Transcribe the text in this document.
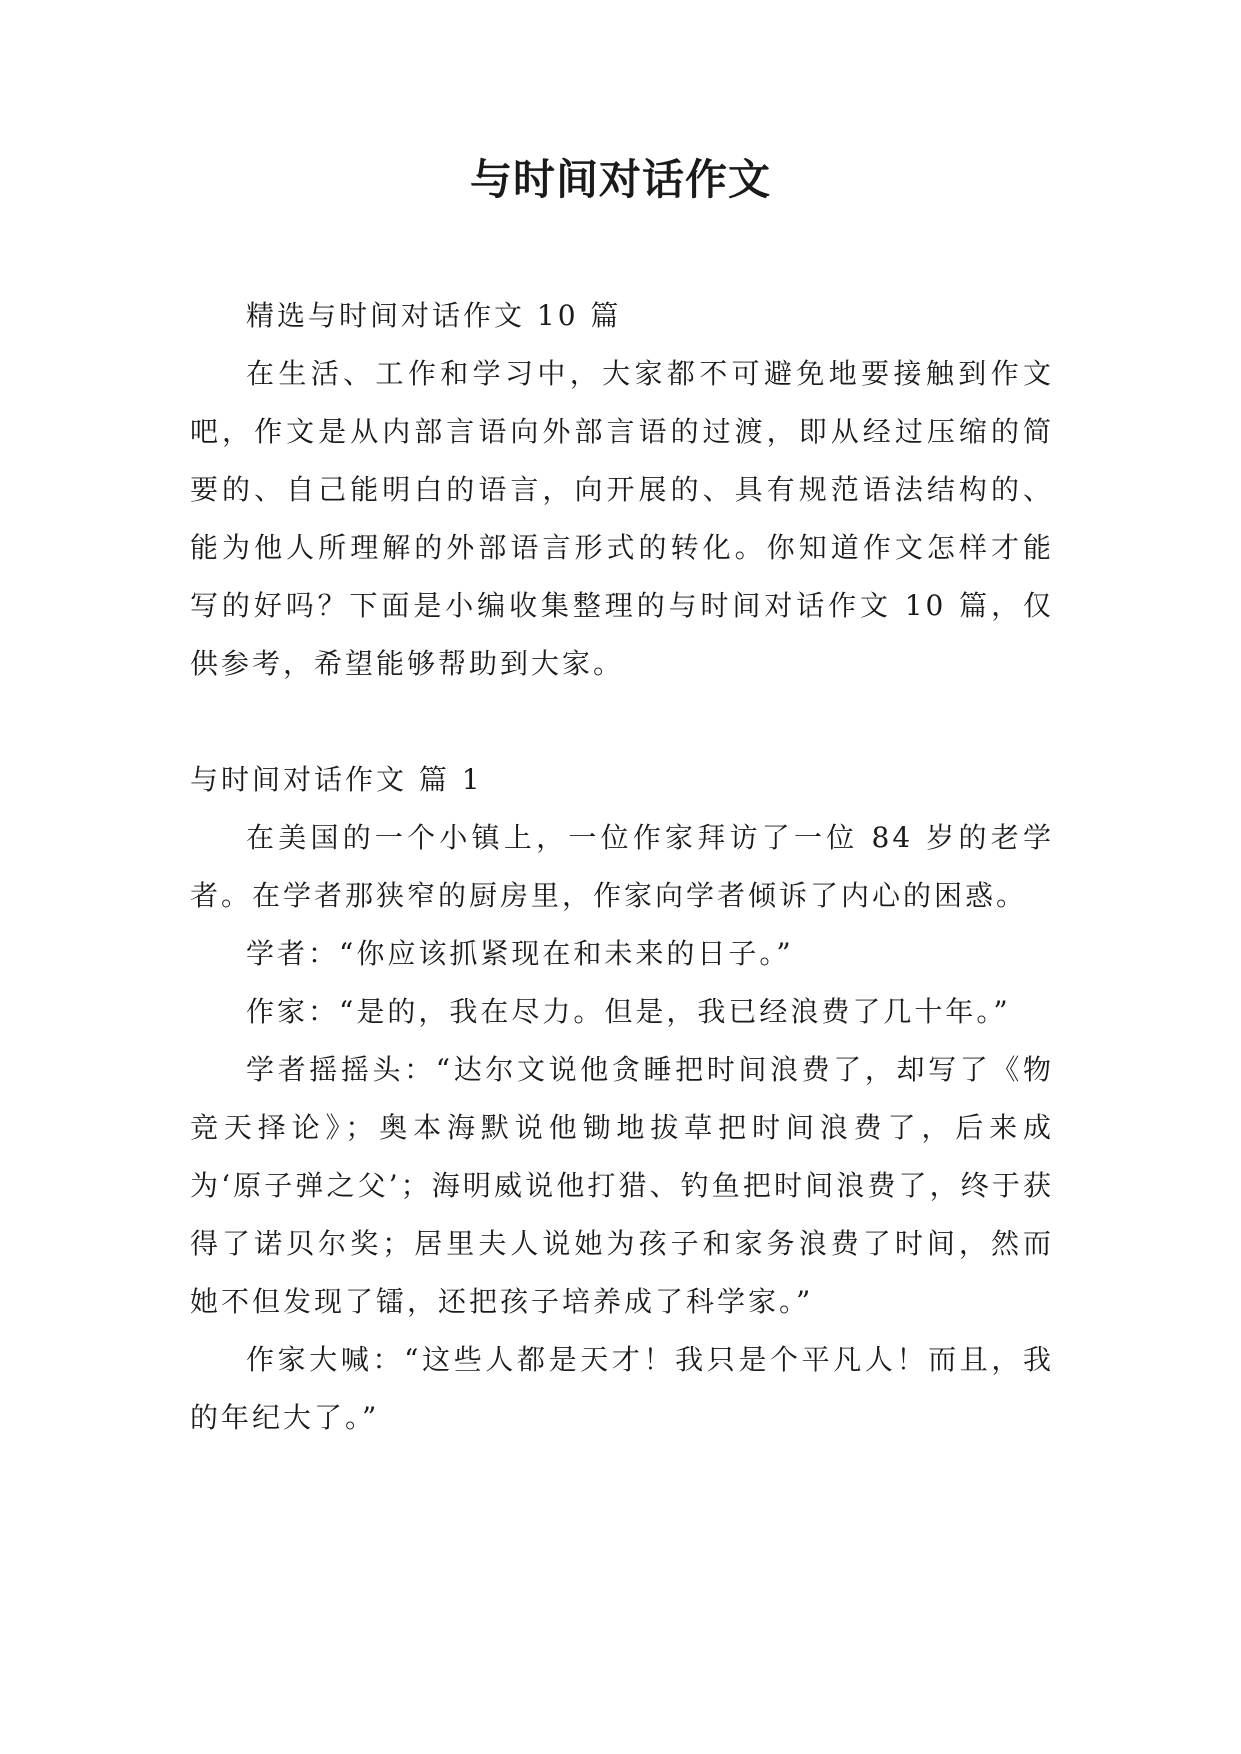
与时间对话作文

精选与时间对话作文 10 篇

在生活、工作和学习中，大家都不可避免地要接触到作文吧，作文是从内部言语向外部言语的过渡，即从经过压缩的简要的、自己能明白的语言，向开展的、具有规范语法结构的、能为他人所理解的外部语言形式的转化。你知道作文怎样才能写的好吗？下面是小编收集整理的与时间对话作文 10 篇，仅供参考，希望能够帮助到大家。

与时间对话作文 篇 1

在美国的一个小镇上，一位作家拜访了一位 84 岁的老学者。在学者那狭窄的厨房里，作家向学者倾诉了内心的困惑。

学者：“你应该抓紧现在和未来的日子。”

作家：“是的，我在尽力。但是，我已经浪费了几十年。”

学者摇摇头：“达尔文说他贪睡把时间浪费了，却写了《物竞天择论》；奥本海默说他锄地拔草把时间浪费了，后来成为‘原子弹之父’；海明威说他打猎、钓鱼把时间浪费了，终于获得了诺贝尔奖；居里夫人说她为孩子和家务浪费了时间，然而她不但发现了镭，还把孩子培养成了科学家。”

作家大喊：“这些人都是天才！我只是个平凡人！而且，我的年纪大了。”
